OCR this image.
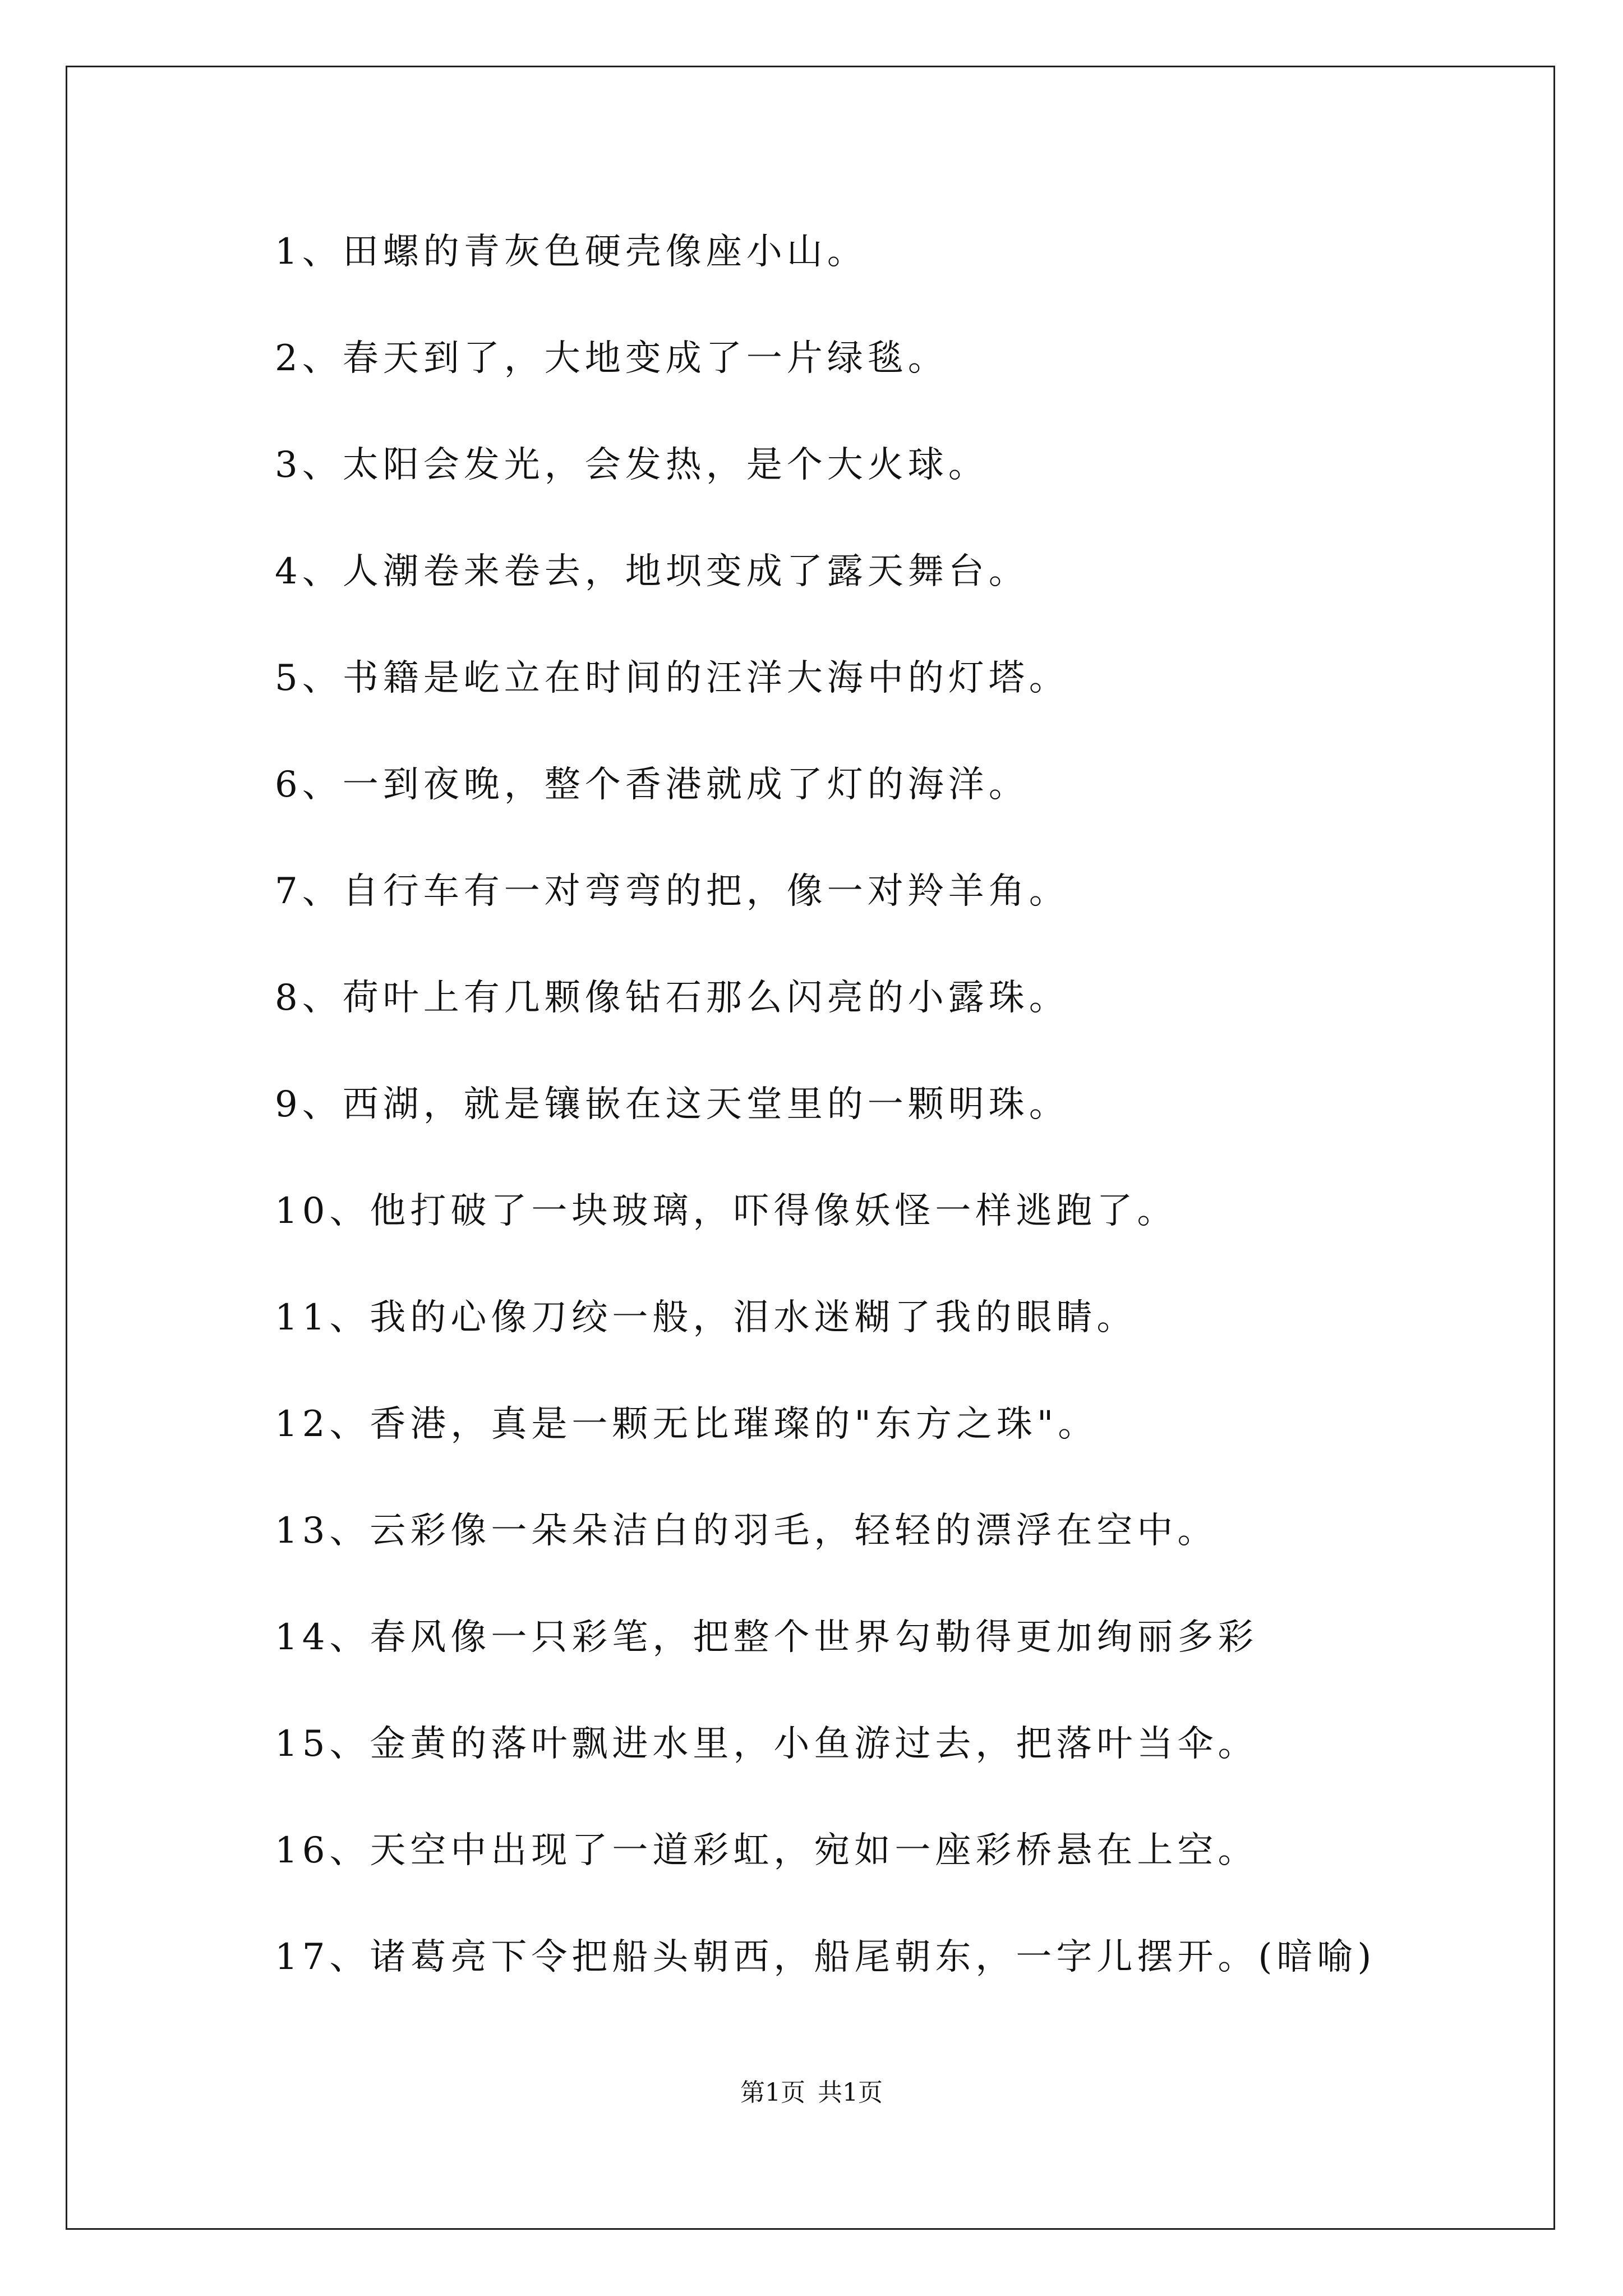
1、田螺的青灰色硬壳像座小山。
2、春天到了，大地变成了一片绿毯。
3、太阳会发光，会发热，是个大火球。
4、人潮卷来卷去，地坝变成了露天舞台。
5、书籍是屹立在时间的汪洋大海中的灯塔。
6、一到夜晚，整个香港就成了灯的海洋。
7、自行车有一对弯弯的把，像一对羚羊角。
8、荷叶上有几颗像钻石那么闪亮的小露珠。
9、西湖，就是镶嵌在这天堂里的一颗明珠。
10、他打破了一块玻璃，吓得像妖怪一样逃跑了。
11、我的心像刀绞一般，泪水迷糊了我的眼睛。
12、香港，真是一颗无比璀璨的"东方之珠"。
13、云彩像一朵朵洁白的羽毛，轻轻的漂浮在空中。
14、春风像一只彩笔，把整个世界勾勒得更加绚丽多彩
15、金黄的落叶飘进水里，小鱼游过去，把落叶当伞。
16、天空中出现了一道彩虹，宛如一座彩桥悬在上空。
17、诸葛亮下令把船头朝西，船尾朝东，一字儿摆开。(暗喻)
第1页 共1页
